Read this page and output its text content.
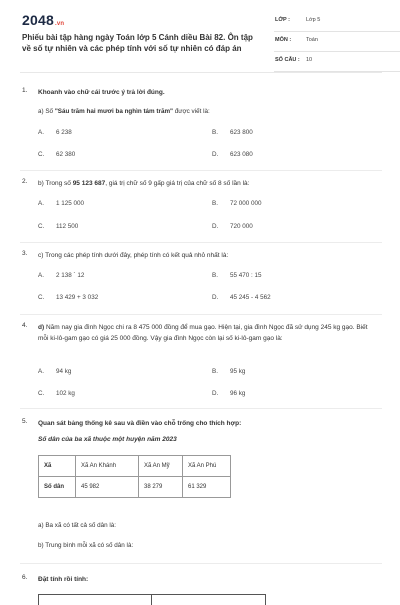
2048.vn
Phiếu bài tập hàng ngày Toán lớp 5 Cánh diều Bài 82. Ôn tập về số tự nhiên và các phép tính với số tự nhiên có đáp án
LỚP :	Lớp 5
MÔN :	Toán
SỐ CÂU : 10
1. Khoanh vào chữ cái trước ý trả lời đúng.
a) Số "Sáu trăm hai mươi ba nghìn tám trăm" được viết là:
A. 6 238	B. 623 800
C. 62 380	D. 623 080
2. b) Trong số 95 123 687, giá trị chữ số 9 gấp giá trị của chữ số 8 số lần là:
A. 1 125 000	B. 72 000 000
C. 112 500	D. 720 000
3. c) Trong các phép tính dưới đây, phép tính có kết quả nhỏ nhất là:
A. 2 138 ´ 12	B. 55 470 : 15
C. 13 429 + 3 032	D. 45 245 - 4 562
4. d) Năm nay gia đình Ngọc chi ra 8 475 000 đồng để mua gạo. Hiện tại, gia đình Ngọc đã sử dụng 245 kg gạo. Biết mỗi ki-lô-gam gạo có giá 25 000 đồng. Vậy gia đình Ngọc còn lại số ki-lô-gam gạo là:
A. 94 kg	B. 95 kg
C. 102 kg	D. 96 kg
5. Quan sát bảng thống kê sau và điền vào chỗ trống cho thích hợp:
Số dân của ba xã thuộc một huyện năm 2023
Xã	Xã An Khánh	Xã An Mỹ	Xã An Phú
Số dân	45 982	38 279	61 329
a) Ba xã có tất cả số dân là:
b) Trung bình mỗi xã có số dân là:
6. Đặt tính rồi tính:
